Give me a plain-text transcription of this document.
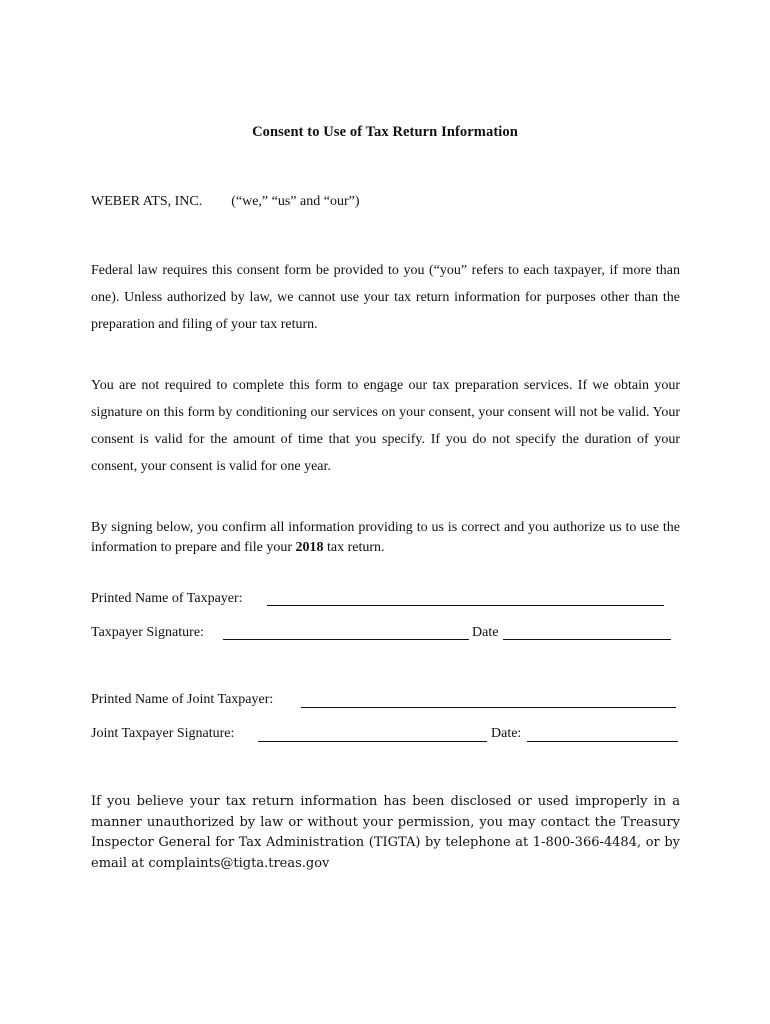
Consent to Use of Tax Return Information
WEBER ATS, INC. (“we,” “us” and “our”)
Federal law requires this consent form be provided to you (“you” refers to each taxpayer, if more than one). Unless authorized by law, we cannot use your tax return information for purposes other than the preparation and filing of your tax return.
You are not required to complete this form to engage our tax preparation services. If we obtain your signature on this form by conditioning our services on your consent, your consent will not be valid. Your consent is valid for the amount of time that you specify. If you do not specify the duration of your consent, your consent is valid for one year.
By signing below, you confirm all information providing to us is correct and you authorize us to use the information to prepare and file your 2018 tax return.
Printed Name of Taxpayer:
Taxpayer Signature:	Date
Printed Name of Joint Taxpayer:
Joint Taxpayer Signature:	Date:
If you believe your tax return information has been disclosed or used improperly in a manner unauthorized by law or without your permission, you may contact the Treasury Inspector General for Tax Administration (TIGTA) by telephone at 1-800-366-4484, or by email at complaints@tigta.treas.gov
